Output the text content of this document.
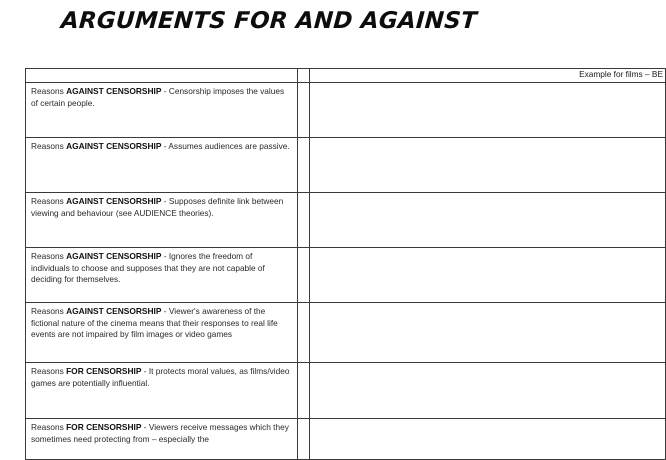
ARGUMENTS FOR AND AGAINST
		Example for films – BE

Reasons AGAINST CENSORSHIP - Censorship imposes the values of certain people.		

Reasons AGAINST CENSORSHIP - Assumes audiences are passive.		

Reasons AGAINST CENSORSHIP - Supposes definite link between viewing and behaviour (see AUDIENCE theories).		

Reasons AGAINST CENSORSHIP - Ignores the freedom of individuals to choose and supposes that they are not capable of deciding for themselves.		

Reasons AGAINST CENSORSHIP - Viewer's awareness of the fictional nature of the cinema means that their responses to real life events are not impaired by film images or video games		

Reasons FOR CENSORSHIP - It protects moral values, as films/video games are potentially influential.		

Reasons FOR CENSORSHIP - Viewers receive messages which they sometimes need protecting from – especially the		
